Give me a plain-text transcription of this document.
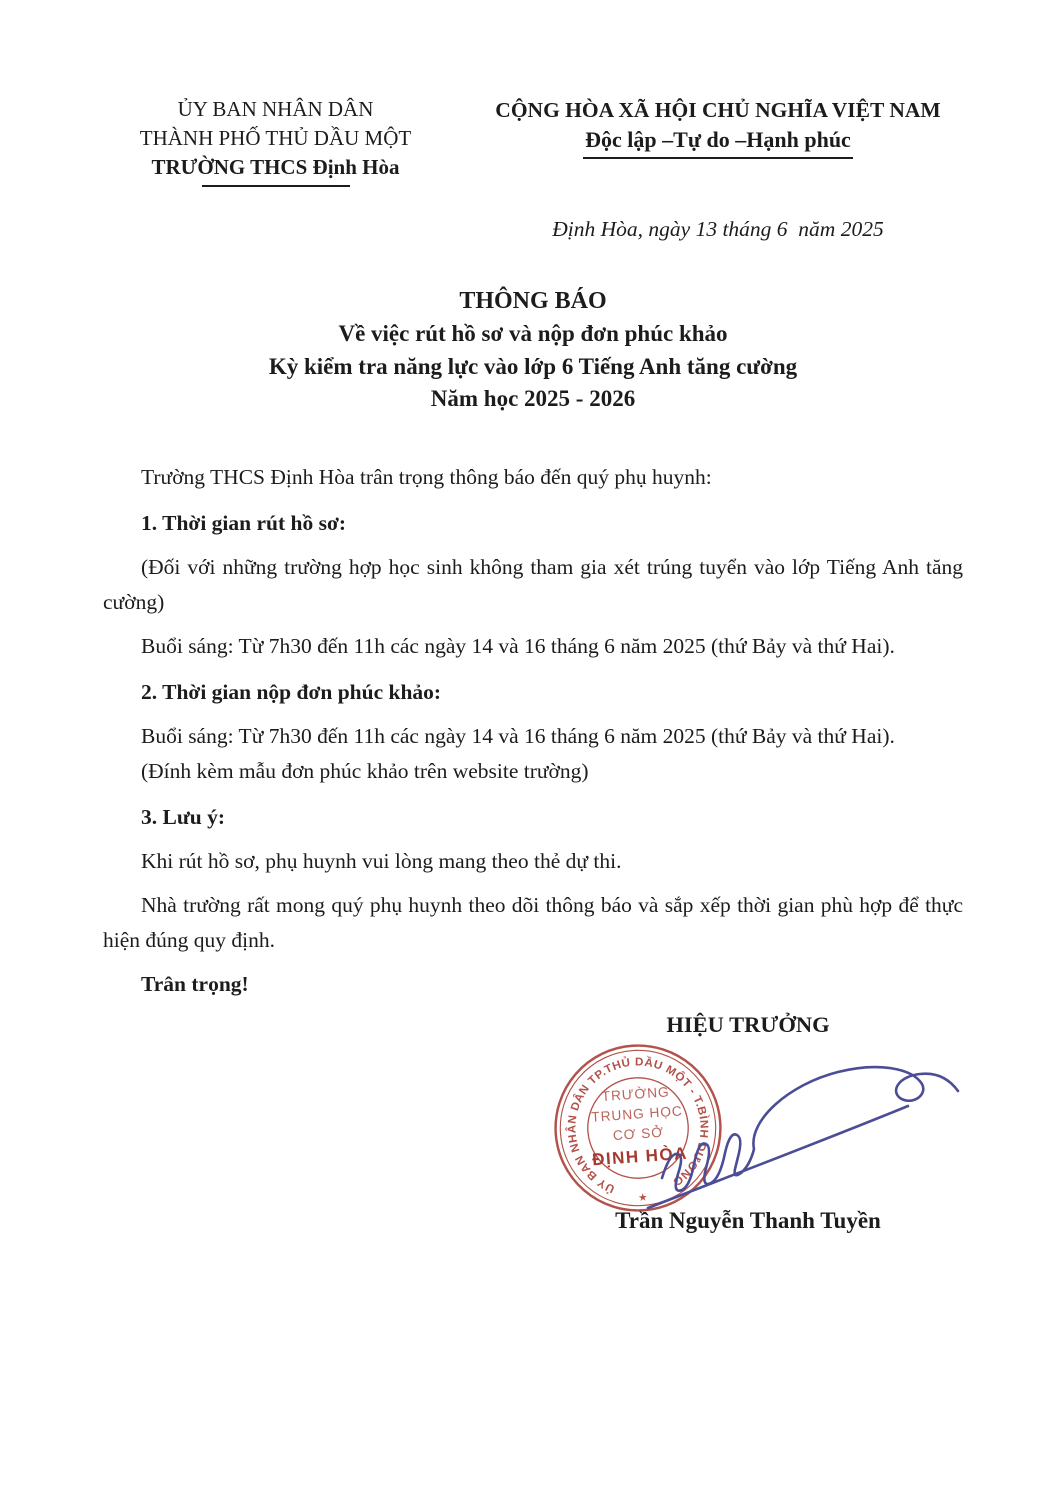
ỦY BAN NHÂN DÂN
THÀNH PHỐ THỦ DẦU MỘT
TRƯỜNG THCS Định Hòa
CỘNG HÒA XÃ HỘI CHỦ NGHĨA VIỆT NAM
Độc lập –Tự do –Hạnh phúc
Định Hòa, ngày 13 tháng 6  năm 2025
THÔNG BÁO
Về việc rút hồ sơ và nộp đơn phúc khảo
Kỳ kiểm tra năng lực vào lớp 6 Tiếng Anh tăng cường
Năm học 2025 - 2026

Trường THCS Định Hòa trân trọng thông báo đến quý phụ huynh:

1. Thời gian rút hồ sơ:

(Đối với những trường hợp học sinh không tham gia xét trúng tuyển vào lớp Tiếng Anh tăng cường)

Buổi sáng: Từ 7h30 đến 11h các ngày 14 và 16 tháng 6 năm 2025 (thứ Bảy và thứ Hai).

2. Thời gian nộp đơn phúc khảo:

Buổi sáng: Từ 7h30 đến 11h các ngày 14 và 16 tháng 6 năm 2025 (thứ Bảy và thứ Hai).

(Đính kèm mẫu đơn phúc khảo trên website trường)

3. Lưu ý:

Khi rút hồ sơ, phụ huynh vui lòng mang theo thẻ dự thi.

Nhà trường rất mong quý phụ huynh theo dõi thông báo và sắp xếp thời gian phù hợp để thực hiện đúng quy định.

Trân trọng!

HIỆU TRƯỞNG
ỦY BAN NHÂN DÂN TP.THỦ DẦU MỘT - T.BÌNH DƯƠNG
★
TRƯỜNG
TRUNG HỌC
CƠ SỞ
ĐỊNH HÒA
Trần Nguyễn Thanh Tuyền
